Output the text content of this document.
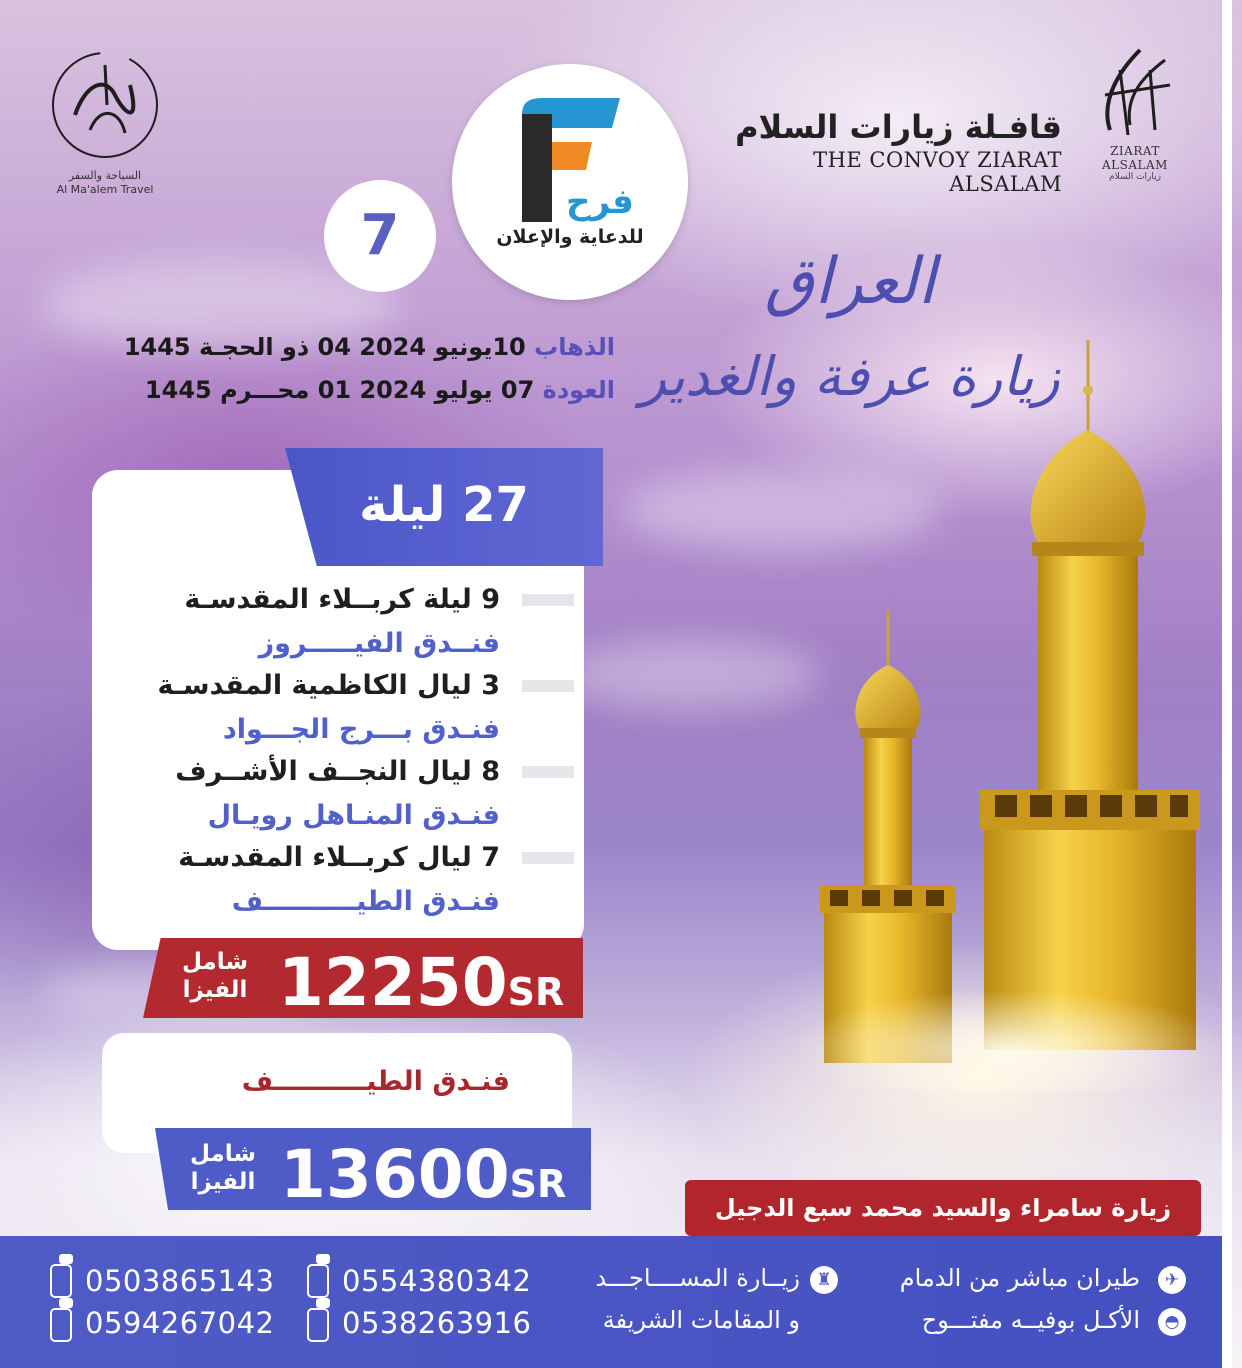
السياحة والسفر
Al Ma'alem Travel	فرح
للدعاية والإعلان
7
قافـلة زيارات السلام
THE CONVOY ZIARAT ALSALAM
ZIARAT ALSALAM
زيارات السلام
العراق
زيارة عرفة والغدير
الذهاب 10يونيو 2024 04 ذو الحجـة 1445
العودة 07 يوليو 2024 01 محـــرم 1445
27 ليلة
9 ليلة كربــلاء المقدسـة
فنــدق الفيـــــروز
3 ليال الكاظمية المقدسـة
فنـدق بـــرج الجـــواد
8 ليال النجــف الأشــرف
فنـدق المنـاهل رويـال
7 ليال كربــلاء المقدسـة
فنـدق الطيــــــــــف
شامل
الفيزا 12250SR
فنـدق الطيــــــــــف
شامل
الفيزا 13600SR
زيارة سامراء والسيد محمد سبع الدجيل
✈
طيران مباشر من الدمام
◓
الأكـل بوفيــه مفتـــوح
♜
زيــارة المســــاجـــد
و المقامات الشريفة
0503865143 0554380342
0594267042 0538263916
